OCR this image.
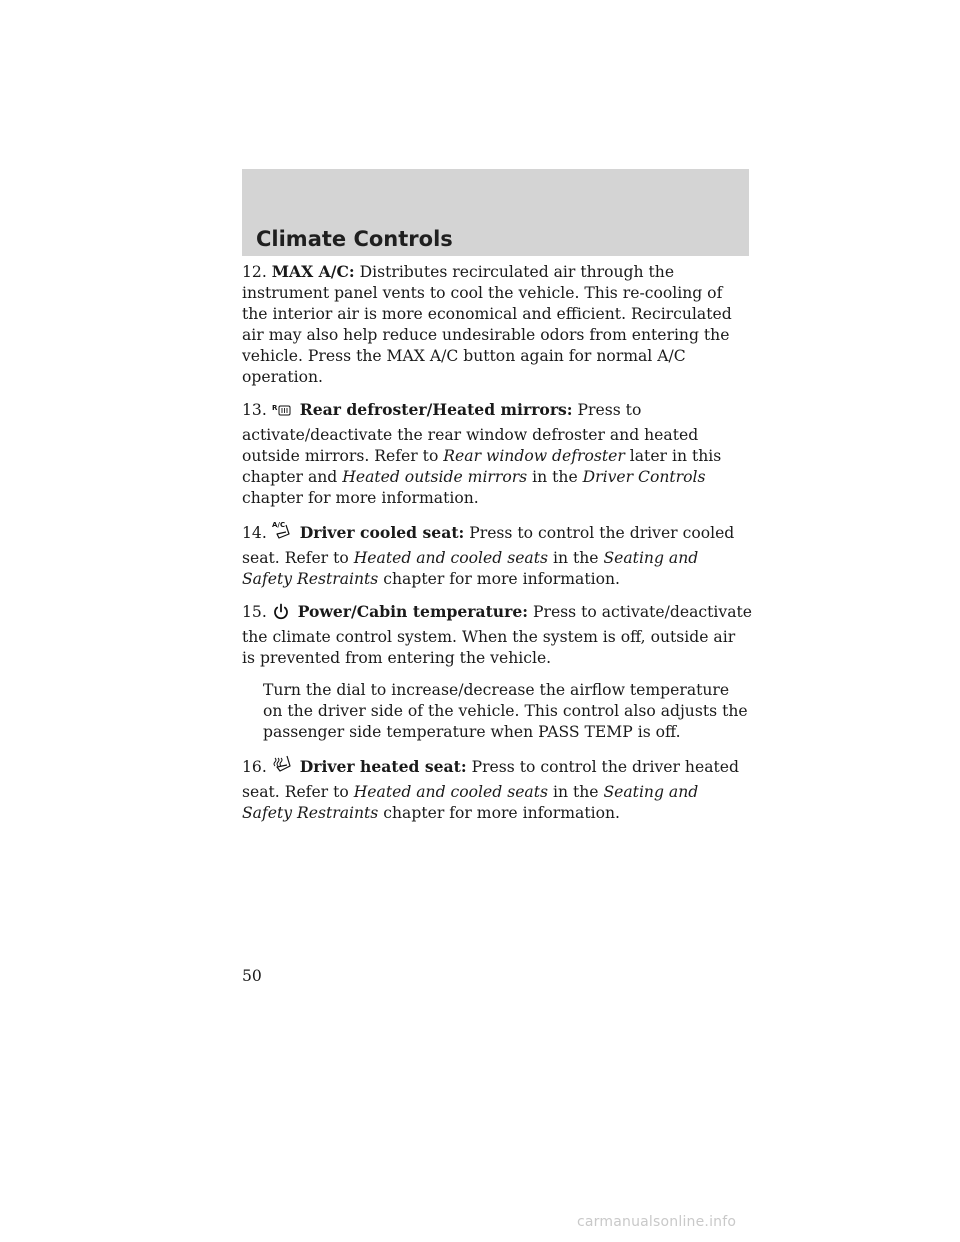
Climate Controls

12. MAX A/C: Distributes recirculated air through the instrument panel vents to cool the vehicle. This re-cooling of the interior air is more economical and efficient. Recirculated air may also help reduce undesirable odors from entering the vehicle. Press the MAX A/C button again for normal A/C operation.

13. R Rear defroster/Heated mirrors: Press to activate/deactivate the rear window defroster and heated outside mirrors. Refer to Rear window defroster later in this chapter and Heated outside mirrors in the Driver Controls chapter for more information.

14. A/C Driver cooled seat: Press to control the driver cooled seat. Refer to Heated and cooled seats in the Seating and Safety Restraints chapter for more information.

15. Power/Cabin temperature: Press to activate/deactivate the climate control system. When the system is off, outside air is prevented from entering the vehicle.

Turn the dial to increase/decrease the airflow temperature on the driver side of the vehicle. This control also adjusts the passenger side temperature when PASS TEMP is off.

16. Driver heated seat: Press to control the driver heated seat. Refer to Heated and cooled seats in the Seating and Safety Restraints chapter for more information.

50
carmanualsonline.info
